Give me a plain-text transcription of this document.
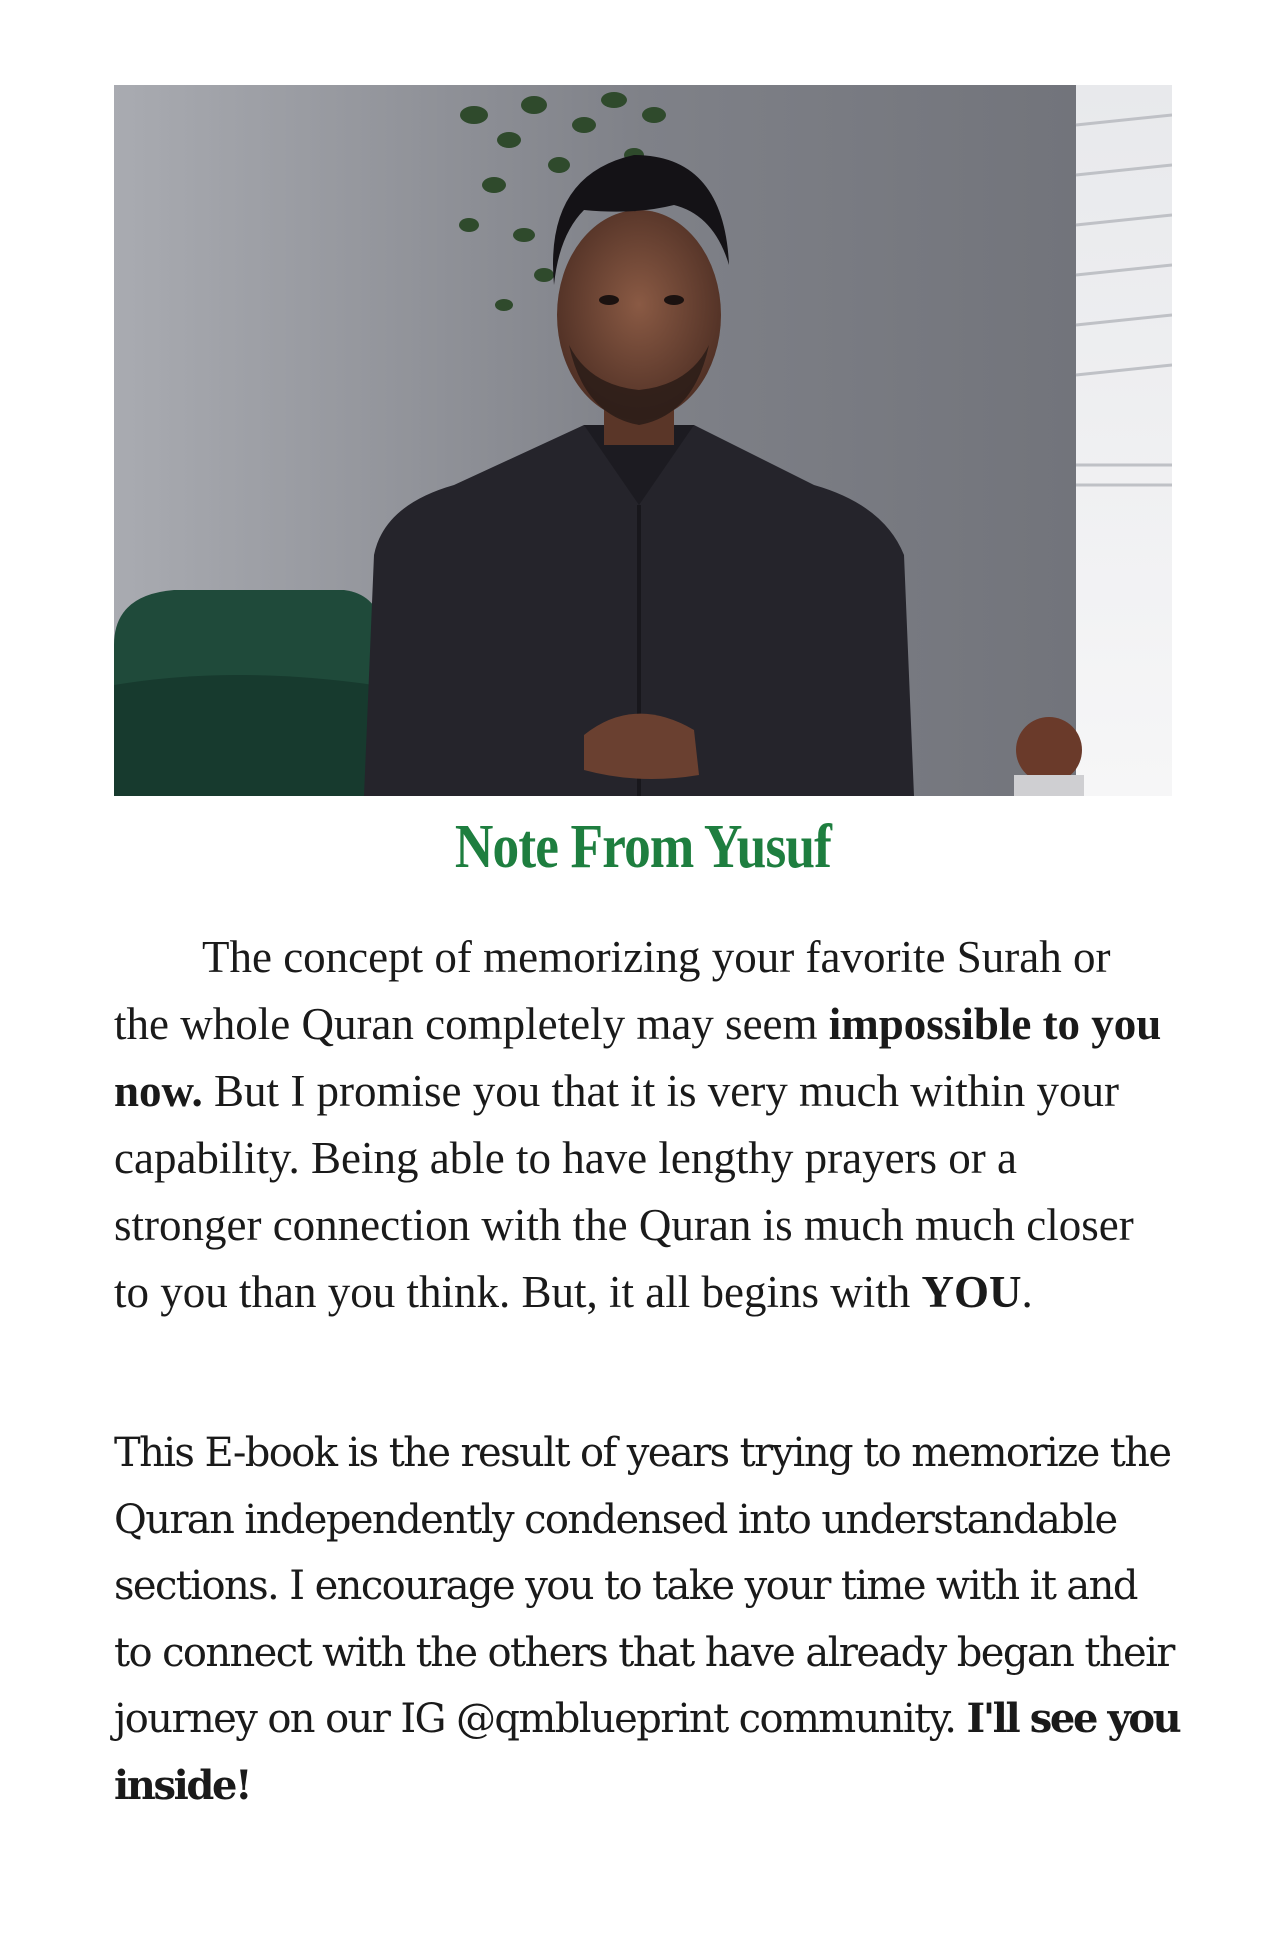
Note From Yusuf

The concept of memorizing your favorite Surah or the whole Quran completely may seem impossible to you now. But I promise you that it is very much within your capability. Being able to have lengthy prayers or a stronger connection with the Quran is much much closer to you than you think. But, it all begins with YOU.

This E-book is the result of years trying to memorize the Quran independently condensed into understandable sections. I encourage you to take your time with it and to connect with the others that have already began their journey on our IG @qmblueprint community. I'll see you inside!
